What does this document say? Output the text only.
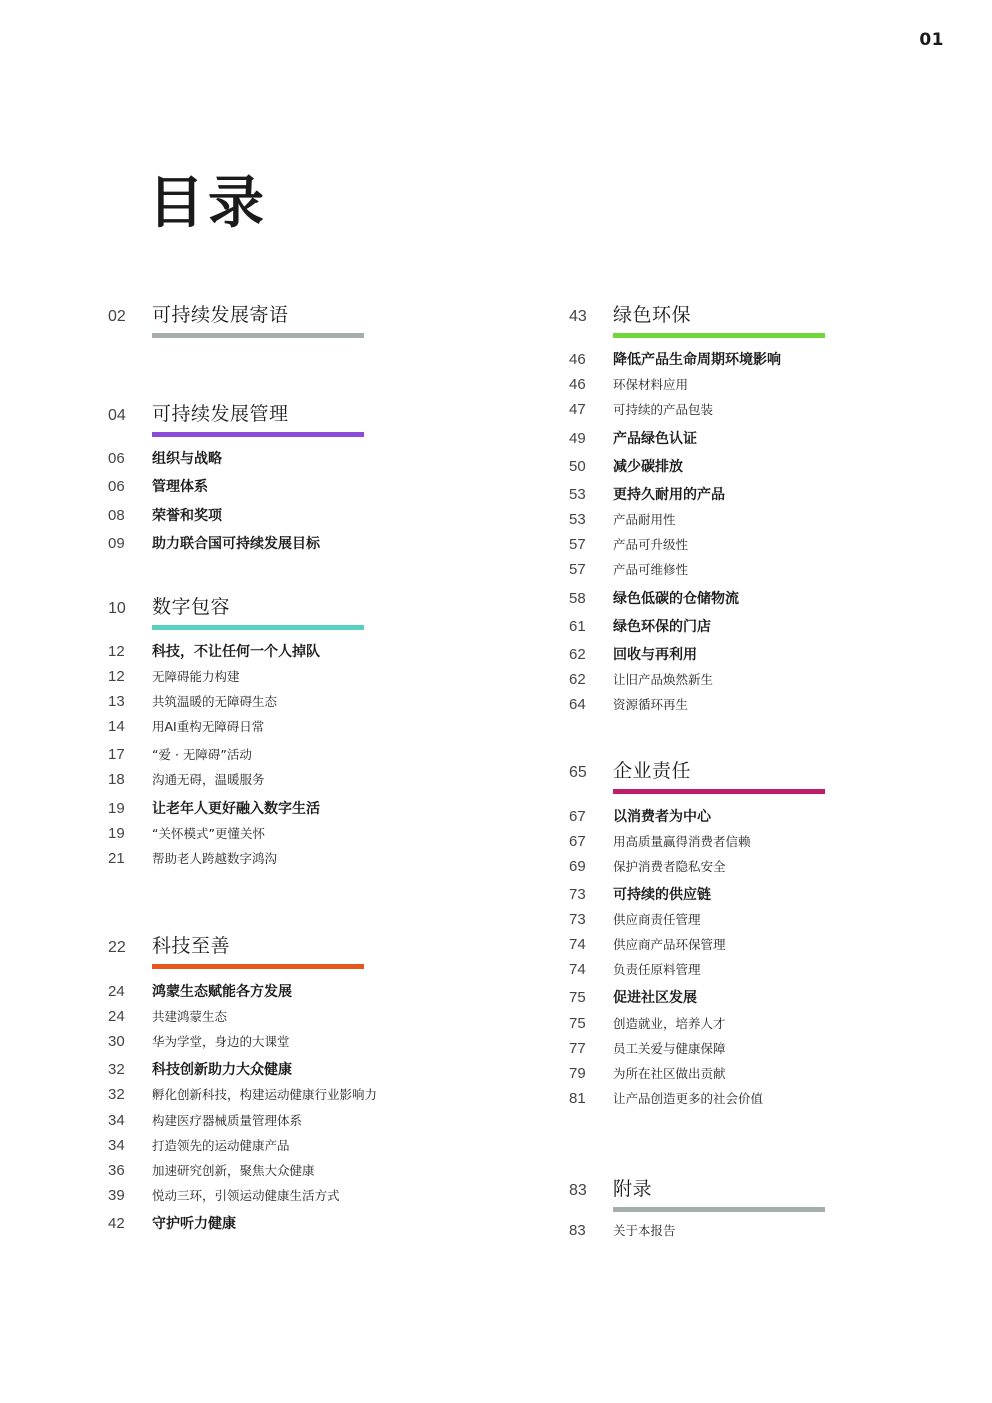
01
目录
02 可持续发展寄语
04 可持续发展管理
06 组织与战略
06 管理体系
08 荣誉和奖项
09 助力联合国可持续发展目标
10 数字包容
12 科技，不让任何一个人掉队
12 无障碍能力构建
13 共筑温暖的无障碍生态
14 用AI重构无障碍日常
17 “爱 · 无障碍”活动
18 沟通无碍，温暖服务
19 让老年人更好融入数字生活
19 “关怀模式”更懂关怀
21 帮助老人跨越数字鸿沟
22 科技至善
24 鸿蒙生态赋能各方发展
24 共建鸿蒙生态
30 华为学堂，身边的大课堂
32 科技创新助力大众健康
32 孵化创新科技，构建运动健康行业影响力
34 构建医疗器械质量管理体系
34 打造领先的运动健康产品
36 加速研究创新，聚焦大众健康
39 悦动三环，引领运动健康生活方式
42 守护听力健康
43 绿色环保
46 降低产品生命周期环境影响
46 环保材料应用
47 可持续的产品包装
49 产品绿色认证
50 减少碳排放
53 更持久耐用的产品
53 产品耐用性
57 产品可升级性
57 产品可维修性
58 绿色低碳的仓储物流
61 绿色环保的门店
62 回收与再利用
62 让旧产品焕然新生
64 资源循环再生
65 企业责任
67 以消费者为中心
67 用高质量赢得消费者信赖
69 保护消费者隐私安全
73 可持续的供应链
73 供应商责任管理
74 供应商产品环保管理
74 负责任原料管理
75 促进社区发展
75 创造就业，培养人才
77 员工关爱与健康保障
79 为所在社区做出贡献
81 让产品创造更多的社会价值
83 附录
83 关于本报告
